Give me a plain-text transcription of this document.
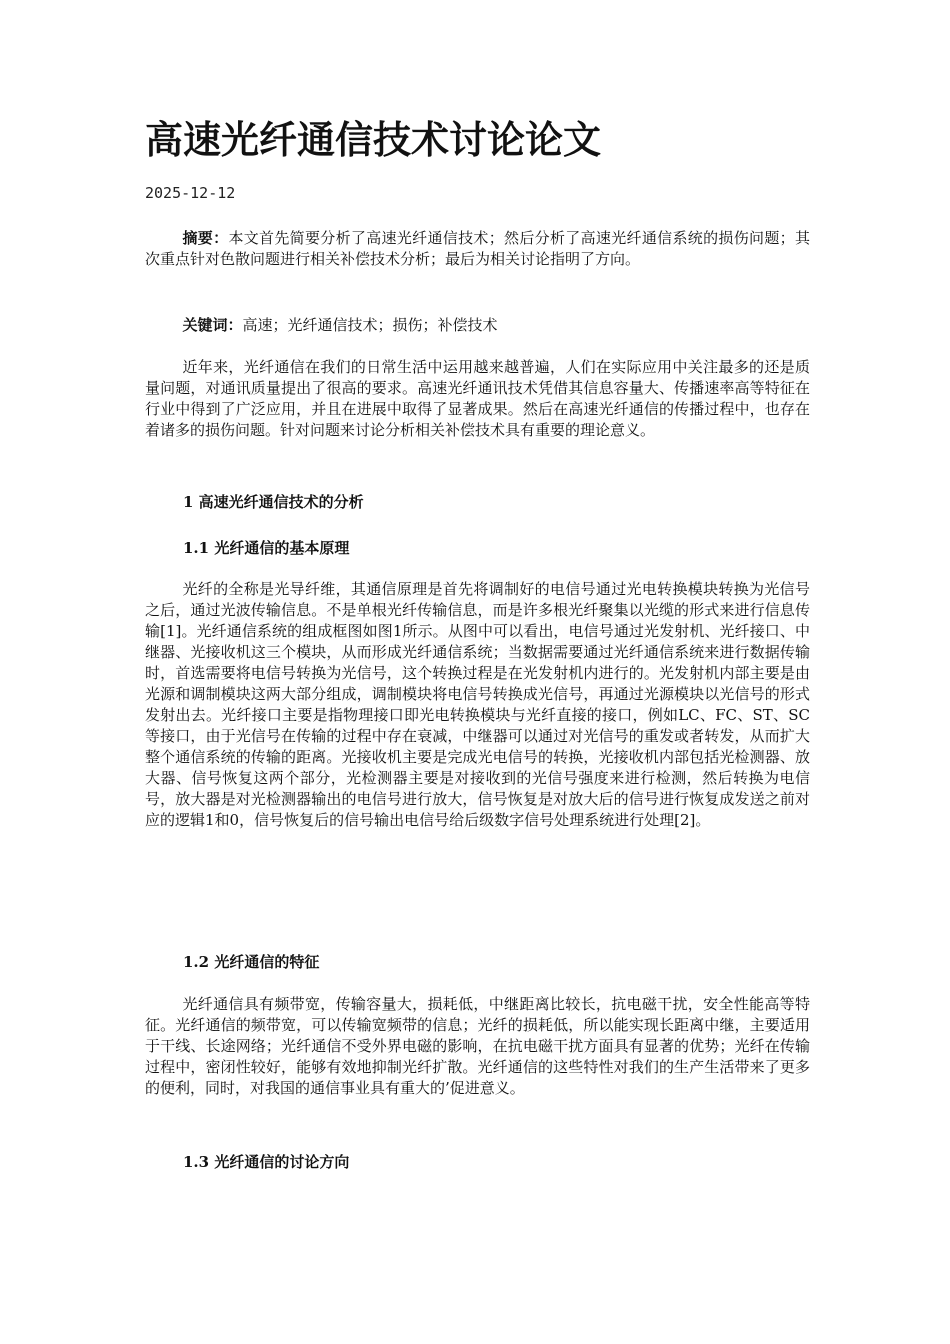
高速光纤通信技术讨论论文
2025-12-12

摘要：本文首先简要分析了高速光纤通信技术；然后分析了高速光纤通信系统的损伤问题；其次重点针对色散问题进行相关补偿技术分析；最后为相关讨论指明了方向。

关键词：高速；光纤通信技术；损伤；补偿技术

近年来，光纤通信在我们的日常生活中运用越来越普遍，人们在实际应用中关注最多的还是质量问题，对通讯质量提出了很高的要求。高速光纤通讯技术凭借其信息容量大、传播速率高等特征在行业中得到了广泛应用，并且在进展中取得了显著成果。然后在高速光纤通信的传播过程中，也存在着诸多的损伤问题。针对问题来讨论分析相关补偿技术具有重要的理论意义。

1 高速光纤通信技术的分析
1.1 光纤通信的基本原理

光纤的全称是光导纤维，其通信原理是首先将调制好的电信号通过光电转换模块转换为光信号之后，通过光波传输信息。不是单根光纤传输信息，而是许多根光纤聚集以光缆的形式来进行信息传输[1]。光纤通信系统的组成框图如图1所示。从图中可以看出，电信号通过光发射机、光纤接口、中继器、光接收机这三个模块，从而形成光纤通信系统；当数据需要通过光纤通信系统来进行数据传输时，首选需要将电信号转换为光信号，这个转换过程是在光发射机内进行的。光发射机内部主要是由光源和调制模块这两大部分组成，调制模块将电信号转换成光信号，再通过光源模块以光信号的形式发射出去。光纤接口主要是指物理接口即光电转换模块与光纤直接的接口，例如LC、FC、ST、SC等接口，由于光信号在传输的过程中存在衰减，中继器可以通过对光信号的重发或者转发，从而扩大整个通信系统的传输的距离。光接收机主要是完成光电信号的转换，光接收机内部包括光检测器、放大器、信号恢复这两个部分，光检测器主要是对接收到的光信号强度来进行检测，然后转换为电信号，放大器是对光检测器输出的电信号进行放大，信号恢复是对放大后的信号进行恢复成发送之前对应的逻辑1和0，信号恢复后的信号输出电信号给后级数字信号处理系统进行处理[2]。

1.2 光纤通信的特征

光纤通信具有频带宽，传输容量大，损耗低，中继距离比较长，抗电磁干扰，安全性能高等特征。光纤通信的频带宽，可以传输宽频带的信息；光纤的损耗低，所以能实现长距离中继，主要适用于干线、长途网络；光纤通信不受外界电磁的影响，在抗电磁干扰方面具有显著的优势；光纤在传输过程中，密闭性较好，能够有效地抑制光纤扩散。光纤通信的这些特性对我们的生产生活带来了更多的便利，同时，对我国的通信事业具有重大的’促进意义。

1.3 光纤通信的讨论方向
